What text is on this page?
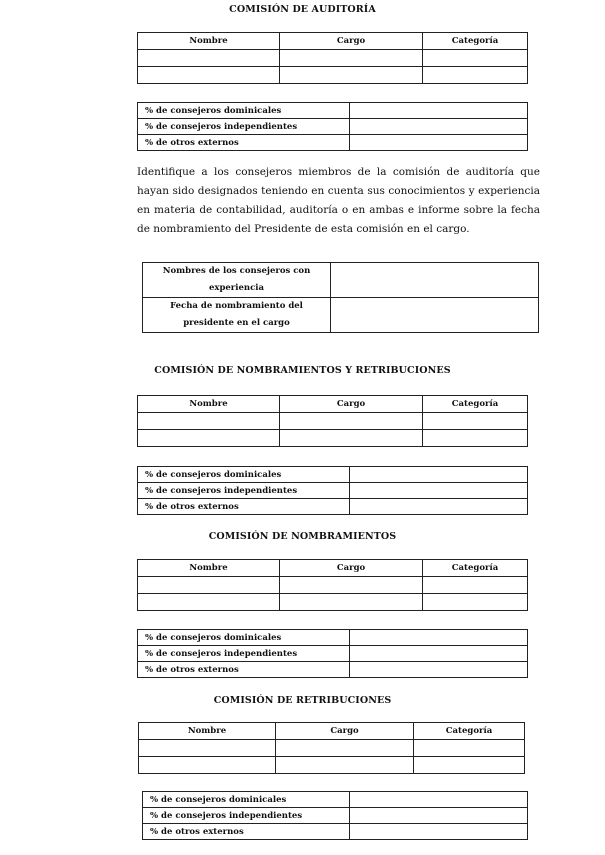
COMISIÓN DE AUDITORÍA
Nombre	Cargo	Categoría

% de consejeros dominicales	
% de consejeros independientes	
% de otros externos	

Identifique a los consejeros miembros de la comisión de auditoría que hayan sido designados teniendo en cuenta sus conocimientos y experiencia en materia de contabilidad, auditoría o en ambas e informe sobre la fecha de nombramiento del Presidente de esta comisión en el cargo.

Nombres de los consejeros con experiencia	
Fecha de nombramiento del presidente en el cargo	
COMISIÓN DE NOMBRAMIENTOS Y RETRIBUCIONES
Nombre	Cargo	Categoría

% de consejeros dominicales	
% de consejeros independientes	
% de otros externos	
COMISIÓN DE NOMBRAMIENTOS
Nombre	Cargo	Categoría

% de consejeros dominicales	
% de consejeros independientes	
% de otros externos	
COMISIÓN DE RETRIBUCIONES
Nombre	Cargo	Categoría

% de consejeros dominicales	
% de consejeros independientes	
% de otros externos	
